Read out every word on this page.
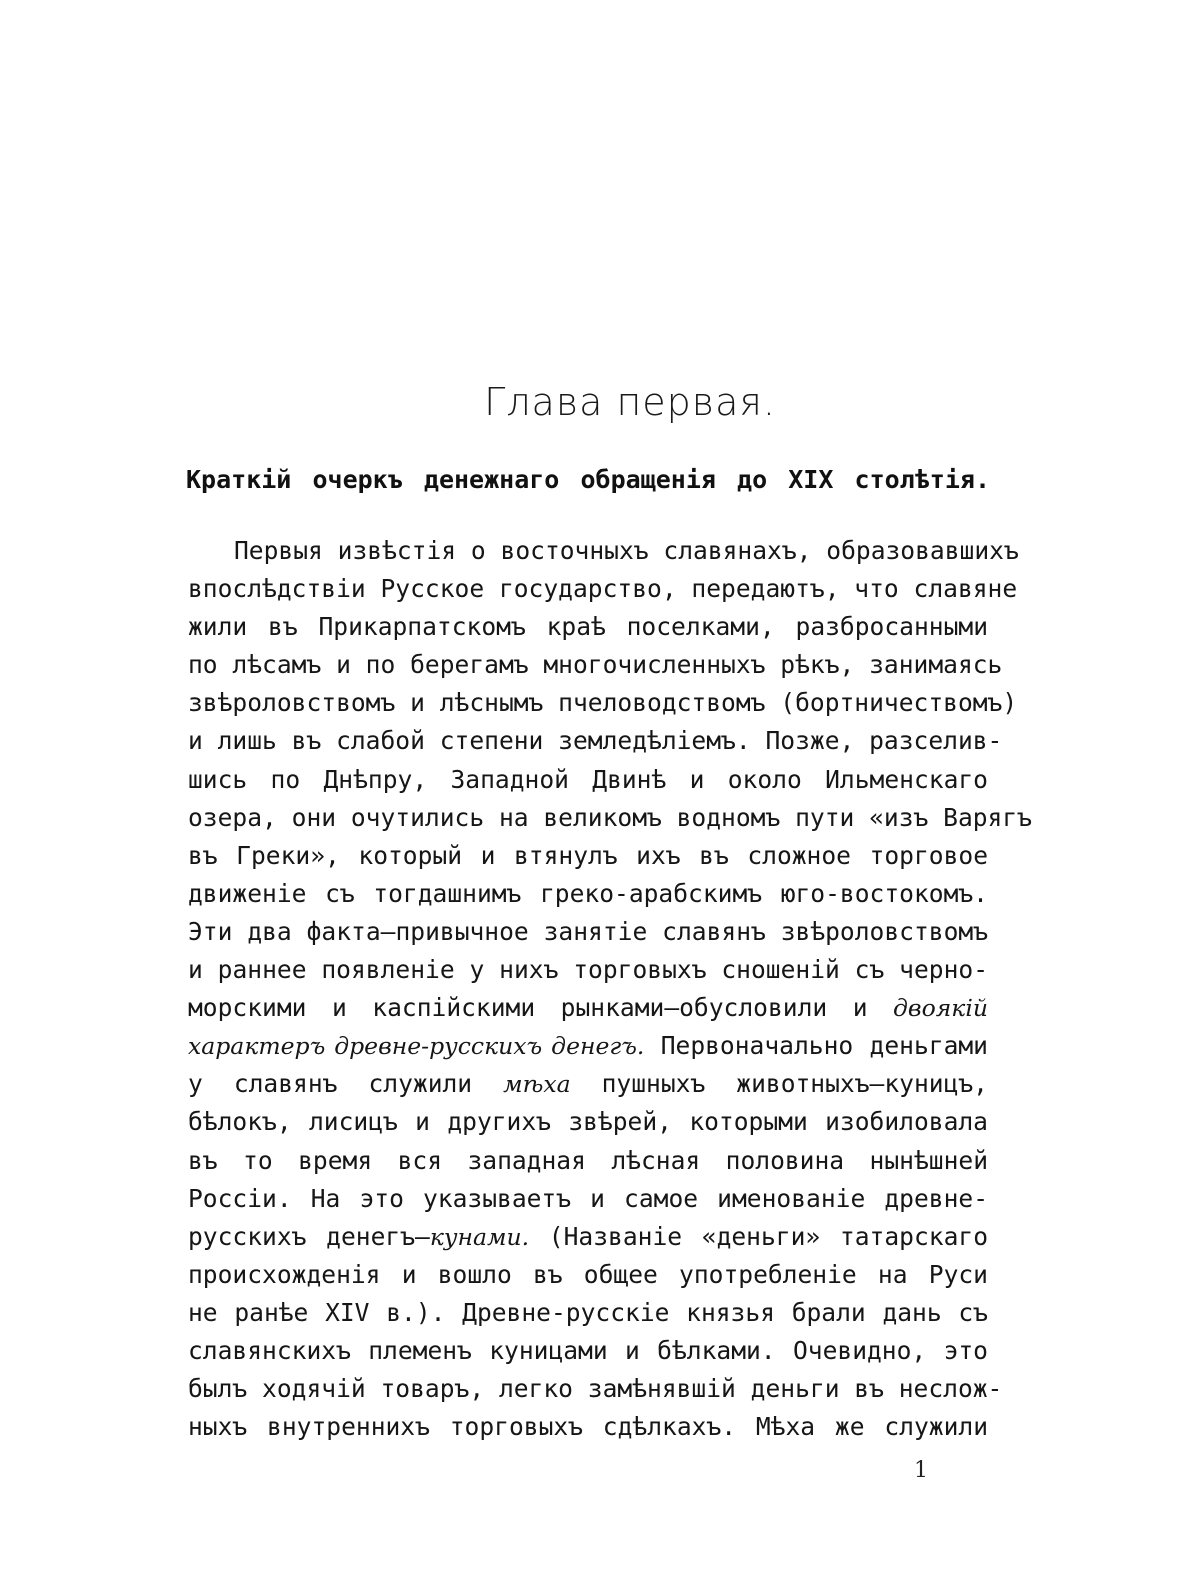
Глава первая.
Краткій очеркъ денежнаго обращенія до XIX столѣтія.
Первыя извѣстія о восточныхъ славянахъ, образовавшихъ
впослѣдствіи Русское государство, передаютъ, что славяне
жили въ Прикарпатскомъ краѣ поселками, разбросанными
по лѣсамъ и по берегамъ многочисленныхъ рѣкъ, занимаясь
звѣроловствомъ и лѣснымъ пчеловодствомъ (бортничествомъ)
и лишь въ слабой степени земледѣліемъ. Позже, разселив-
шись по Днѣпру, Западной Двинѣ и около Ильменскаго
озера, они очутились на великомъ водномъ пути «изъ Варягъ
въ Греки», который и втянулъ ихъ въ сложное торговое
движеніе съ тогдашнимъ греко-арабскимъ юго-востокомъ.
Эти два факта—привычное занятіе славянъ звѣроловствомъ
и раннее появленіе у нихъ торговыхъ сношеній съ черно-
морскими и каспійскими рынками—обусловили и двоякій
характеръ древне-русскихъ денегъ. Первоначально деньгами
у славянъ служили мѣха пушныхъ животныхъ—куницъ,
бѣлокъ, лисицъ и другихъ звѣрей, которыми изобиловала
въ то время вся западная лѣсная половина нынѣшней
Россіи. На это указываетъ и самое именованіе древне-
русскихъ денегъ—кунами. (Названіе «деньги» татарскаго
происхожденія и вошло въ общее употребленіе на Руси
не ранѣе XIV в.). Древне-русскіе князья брали дань съ
славянскихъ племенъ куницами и бѣлками. Очевидно, это
былъ ходячій товаръ, легко замѣнявшій деньги въ неслож-
ныхъ внутреннихъ торговыхъ сдѣлкахъ. Мѣха же служили
1
